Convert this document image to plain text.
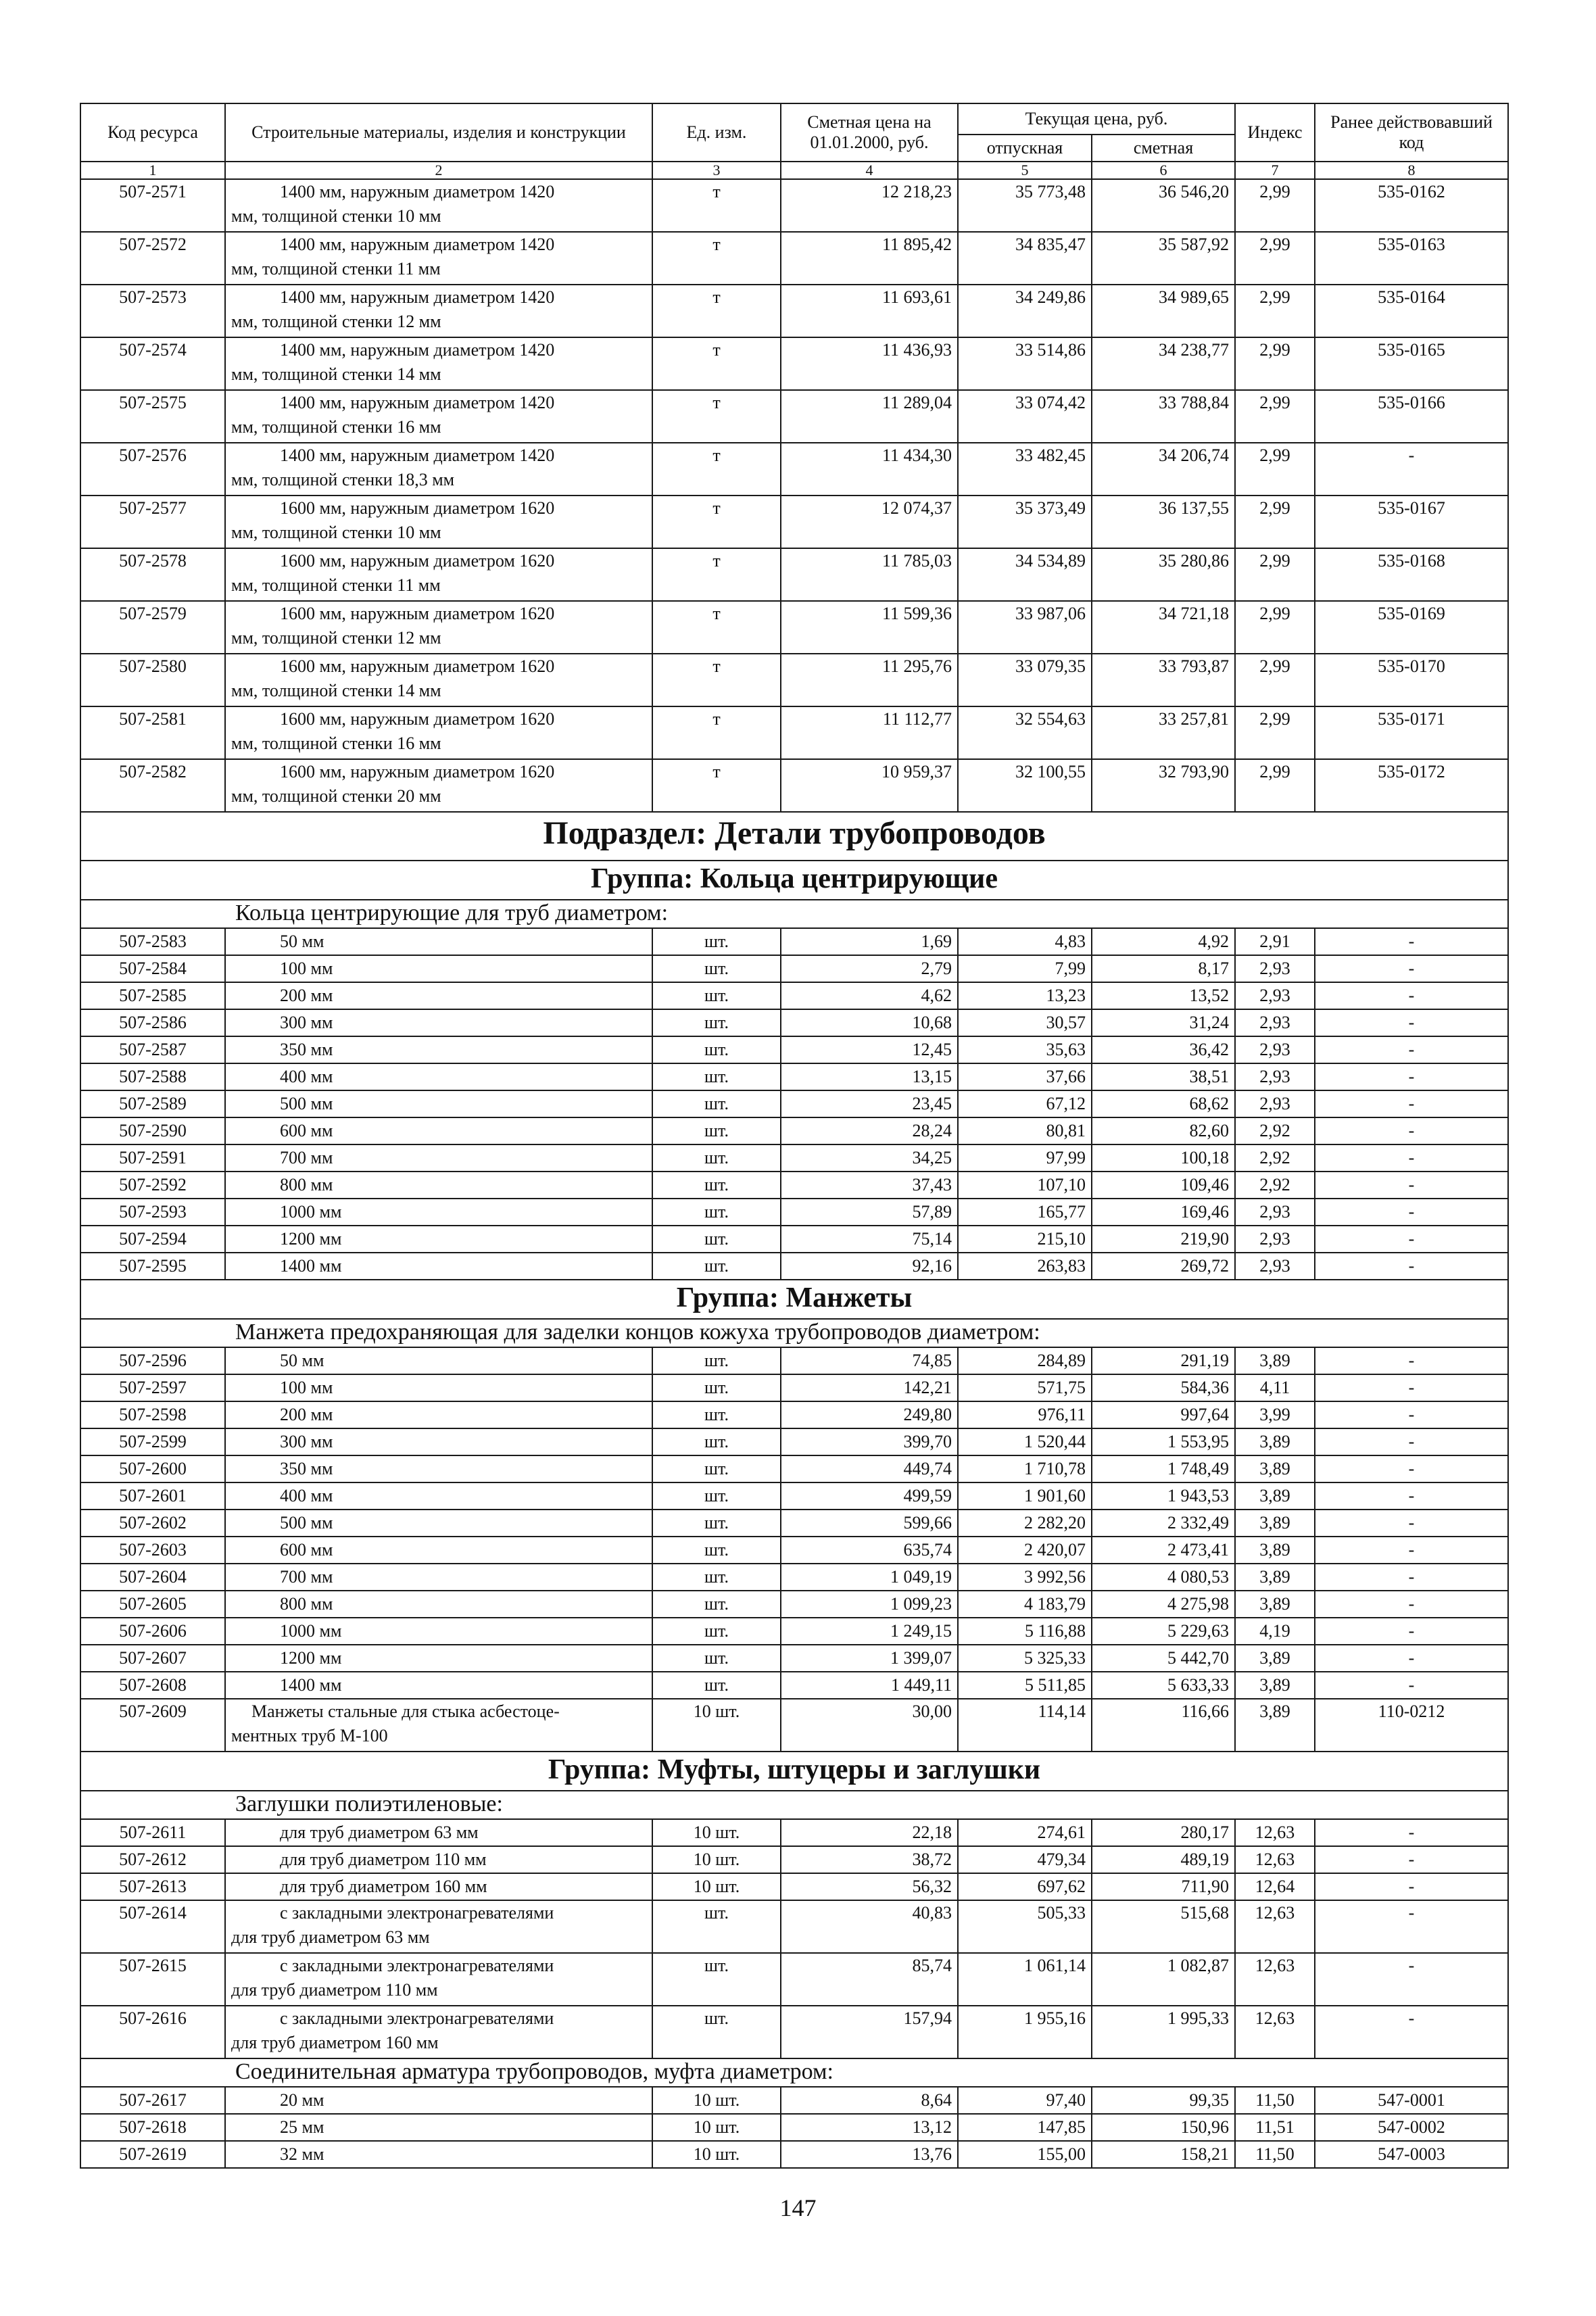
Код ресурса	Строительные материалы, изделия и конструкции	Ед. изм.	Сметная цена на 01.01.2000, руб.	Текущая цена, руб.		Индекс	Ранее действовавший код
				отпускная	сметная		
1	2	3	4	5	6	7	8
507-2571	1400 мм, наружным диаметром 1420
мм, толщиной стенки 10 мм	т	12 218,23	35 773,48	36 546,20	2,99	535-0162
507-2572	1400 мм, наружным диаметром 1420
мм, толщиной стенки 11 мм	т	11 895,42	34 835,47	35 587,92	2,99	535-0163
507-2573	1400 мм, наружным диаметром 1420
мм, толщиной стенки 12 мм	т	11 693,61	34 249,86	34 989,65	2,99	535-0164
507-2574	1400 мм, наружным диаметром 1420
мм, толщиной стенки 14 мм	т	11 436,93	33 514,86	34 238,77	2,99	535-0165
507-2575	1400 мм, наружным диаметром 1420
мм, толщиной стенки 16 мм	т	11 289,04	33 074,42	33 788,84	2,99	535-0166
507-2576	1400 мм, наружным диаметром 1420
мм, толщиной стенки 18,3 мм	т	11 434,30	33 482,45	34 206,74	2,99	-
507-2577	1600 мм, наружным диаметром 1620
мм, толщиной стенки 10 мм	т	12 074,37	35 373,49	36 137,55	2,99	535-0167
507-2578	1600 мм, наружным диаметром 1620
мм, толщиной стенки 11 мм	т	11 785,03	34 534,89	35 280,86	2,99	535-0168
507-2579	1600 мм, наружным диаметром 1620
мм, толщиной стенки 12 мм	т	11 599,36	33 987,06	34 721,18	2,99	535-0169
507-2580	1600 мм, наружным диаметром 1620
мм, толщиной стенки 14 мм	т	11 295,76	33 079,35	33 793,87	2,99	535-0170
507-2581	1600 мм, наружным диаметром 1620
мм, толщиной стенки 16 мм	т	11 112,77	32 554,63	33 257,81	2,99	535-0171
507-2582	1600 мм, наружным диаметром 1620
мм, толщиной стенки 20 мм	т	10 959,37	32 100,55	32 793,90	2,99	535-0172
Подраздел: Детали трубопроводов							
Группа: Кольца центрирующие							
Кольца центрирующие для труб диаметром:							
507-2583	50 мм	шт.	1,69	4,83	4,92	2,91	-
507-2584	100 мм	шт.	2,79	7,99	8,17	2,93	-
507-2585	200 мм	шт.	4,62	13,23	13,52	2,93	-
507-2586	300 мм	шт.	10,68	30,57	31,24	2,93	-
507-2587	350 мм	шт.	12,45	35,63	36,42	2,93	-
507-2588	400 мм	шт.	13,15	37,66	38,51	2,93	-
507-2589	500 мм	шт.	23,45	67,12	68,62	2,93	-
507-2590	600 мм	шт.	28,24	80,81	82,60	2,92	-
507-2591	700 мм	шт.	34,25	97,99	100,18	2,92	-
507-2592	800 мм	шт.	37,43	107,10	109,46	2,92	-
507-2593	1000 мм	шт.	57,89	165,77	169,46	2,93	-
507-2594	1200 мм	шт.	75,14	215,10	219,90	2,93	-
507-2595	1400 мм	шт.	92,16	263,83	269,72	2,93	-
Группа: Манжеты							
Манжета предохраняющая для заделки концов кожуха трубопроводов диаметром:							
507-2596	50 мм	шт.	74,85	284,89	291,19	3,89	-
507-2597	100 мм	шт.	142,21	571,75	584,36	4,11	-
507-2598	200 мм	шт.	249,80	976,11	997,64	3,99	-
507-2599	300 мм	шт.	399,70	1 520,44	1 553,95	3,89	-
507-2600	350 мм	шт.	449,74	1 710,78	1 748,49	3,89	-
507-2601	400 мм	шт.	499,59	1 901,60	1 943,53	3,89	-
507-2602	500 мм	шт.	599,66	2 282,20	2 332,49	3,89	-
507-2603	600 мм	шт.	635,74	2 420,07	2 473,41	3,89	-
507-2604	700 мм	шт.	1 049,19	3 992,56	4 080,53	3,89	-
507-2605	800 мм	шт.	1 099,23	4 183,79	4 275,98	3,89	-
507-2606	1000 мм	шт.	1 249,15	5 116,88	5 229,63	4,19	-
507-2607	1200 мм	шт.	1 399,07	5 325,33	5 442,70	3,89	-
507-2608	1400 мм	шт.	1 449,11	5 511,85	5 633,33	3,89	-
507-2609	Манжеты стальные для стыка асбестоце-
ментных труб М-100	10 шт.	30,00	114,14	116,66	3,89	110-0212
Группа: Муфты, штуцеры и заглушки							
Заглушки полиэтиленовые:							
507-2611	для труб диаметром 63 мм	10 шт.	22,18	274,61	280,17	12,63	-
507-2612	для труб диаметром 110 мм	10 шт.	38,72	479,34	489,19	12,63	-
507-2613	для труб диаметром 160 мм	10 шт.	56,32	697,62	711,90	12,64	-
507-2614	с закладными электронагревателями
для труб диаметром 63 мм	шт.	40,83	505,33	515,68	12,63	-
507-2615	с закладными электронагревателями
для труб диаметром 110 мм	шт.	85,74	1 061,14	1 082,87	12,63	-
507-2616	с закладными электронагревателями
для труб диаметром 160 мм	шт.	157,94	1 955,16	1 995,33	12,63	-
Соединительная арматура трубопроводов, муфта диаметром:							
507-2617	20 мм	10 шт.	8,64	97,40	99,35	11,50	547-0001
507-2618	25 мм	10 шт.	13,12	147,85	150,96	11,51	547-0002
507-2619	32 мм	10 шт.	13,76	155,00	158,21	11,50	547-0003
147
